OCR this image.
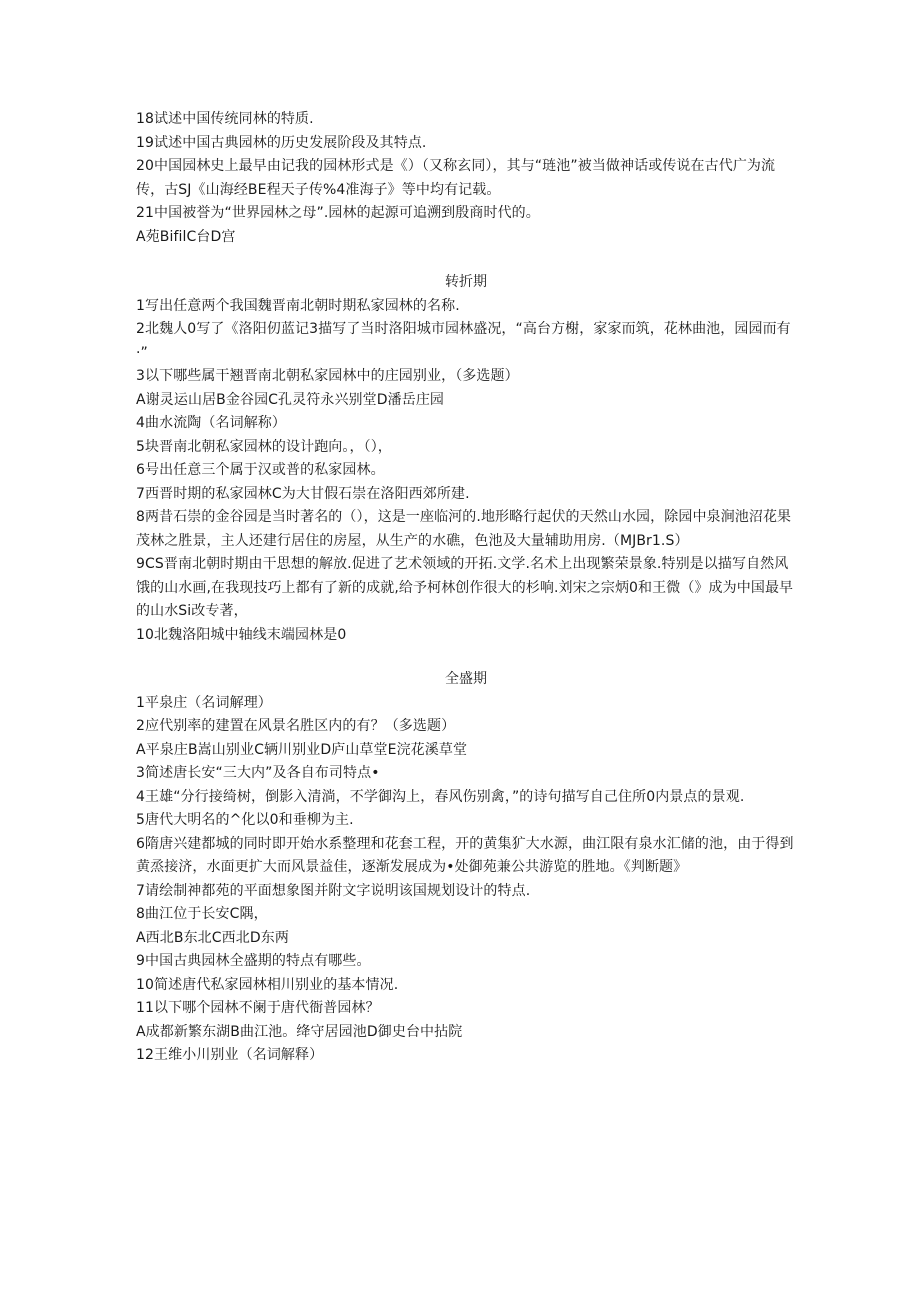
18试述中国传统同林的特质.
19试述中国古典园林的历史发展阶段及其特点.
20中国园林史上最早由记我的园林形式是《）（又称玄同），其与“琏池”被当做神话或传说在古代广为流传，古SJ《山海经BE程天子传%4准海子》等中均有记载。
21中国被誉为“世界园林之母”.园林的起源可追溯到殷商时代的。
A苑BifilC台D宫
转折期
1写出任意两个我国魏晋南北朝时期私家园林的名称.
2北魏人0写了《洛阳仞蓝记3描写了当时洛阳城市园林盛况，“高台方榭，家家而筑，花林曲池，园园而有·”
3以下哪些属干翘晋南北朝私家园林中的庄园别业，（多选题）
A谢灵运山居B金谷园C孔灵符永兴别堂D潘岳庄园
4曲水流陶（名词解称）
5块晋南北朝私家园林的设计跑向。，（），
6号出任意三个属于汉或普的私家园林。
7西晋时期的私家园林C为大甘假石崇在洛阳西郊所建.
8两昔石崇的金谷园是当时著名的（），这是一座临河的.地形略行起伏的天然山水园，除园中泉涧池沼花果茂林之胜景，主人还建行居住的房屋，从生产的水礁，色池及大量辅助用房.（MJBr1.S）
9CS晋南北朝时期由干思想的解放.促进了艺术领域的开拓.文学.名术上出现繁荣景象.特别是以描写自然风饿的山水画,在我现技巧上都有了新的成就,给予柯林创作很大的杉响.刘宋之宗炳0和王微（》成为中国最早的山水Si改专著，
10北魏洛阳城中轴线末端园林是0
全盛期
1平泉庄（名词解理）
2应代别率的建置在风景名胜区内的有？（多选题）
A平泉庄B嵩山别业C辆川别业D庐山草堂E浣花溪草堂
3简述唐长安“三大内”及各自布司特点•
4王雄“分行接绮树，倒影入清淌，不学御沟上，春风伤别禽，”的诗句描写自己住所0内景点的景观.
5唐代大明名的^化以0和垂柳为主.
6隋唐兴建都城的同时即开始水系整理和花套工程，开的黄集犷大水源，曲江限有泉水汇储的池，由于得到黄烝接济，水面更扩大而风景益佳，逐渐发展成为•处御苑兼公共游览的胜地。《判断题》
7请绘制神都苑的平面想象图并附文字说明该国规划设计的特点.
8曲江位于长安C隅，
A西北B东北C西北D东两
9中国古典园林全盛期的特点有哪些。
10简述唐代私家园林相川别业的基本情况.
11以下哪个园林不阑于唐代衙普园林？
A成都新繁东湖B曲江池。绛守居园池D御史台中拈院
12王维小川别业（名词解释）
